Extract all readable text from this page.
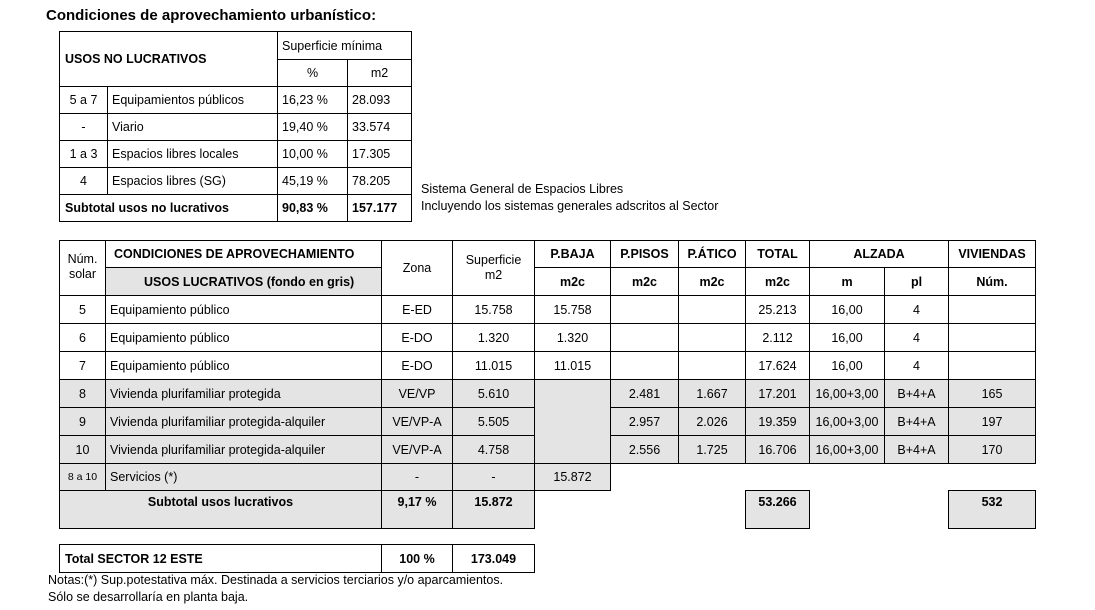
Condiciones de aprovechamiento urbanístico:
USOS NO LUCRATIVOS		Superficie mínima	
		%	m2
5 a 7	Equipamientos públicos	16,23 %	28.093
-	Viario	19,40 %	33.574
1 a 3	Espacios libres locales	10,00 %	17.305
4	Espacios libres (SG)	45,19 %	78.205
Subtotal usos no lucrativos		90,83 %	157.177
Sistema General de Espacios Libres
Incluyendo los sistemas generales adscritos al Sector
Núm. solar	CONDICIONES DE APROVECHAMIENTO	Zona	Superficie m2	P.BAJA	P.PISOS	P.ÁTICO	TOTAL	ALZADA		VIVIENDAS
	USOS LUCRATIVOS (fondo en gris)			m2c	m2c	m2c	m2c	m	pl	Núm.
5	Equipamiento público	E-ED	15.758	15.758			25.213	16,00	4	
6	Equipamiento público	E-DO	1.320	1.320			2.112	16,00	4	
7	Equipamiento público	E-DO	11.015	11.015			17.624	16,00	4	
8	Vivienda plurifamiliar protegida	VE/VP	5.610		2.481	1.667	17.201	16,00+3,00	B+4+A	165
9	Vivienda plurifamiliar protegida-alquiler	VE/VP-A	5.505		2.957	2.026	19.359	16,00+3,00	B+4+A	197
10	Vivienda plurifamiliar protegida-alquiler	VE/VP-A	4.758		2.556	1.725	16.706	16,00+3,00	B+4+A	170
8 a 10	Servicios (*)	-	-	15.872						
Subtotal usos lucrativos		9,17 %	15.872				53.266			532
Total SECTOR 12 ESTE	100 %	173.049
Notas:(*) Sup.potestativa máx. Destinada a servicios terciarios y/o aparcamientos.
Sólo se desarrollaría en planta baja.
